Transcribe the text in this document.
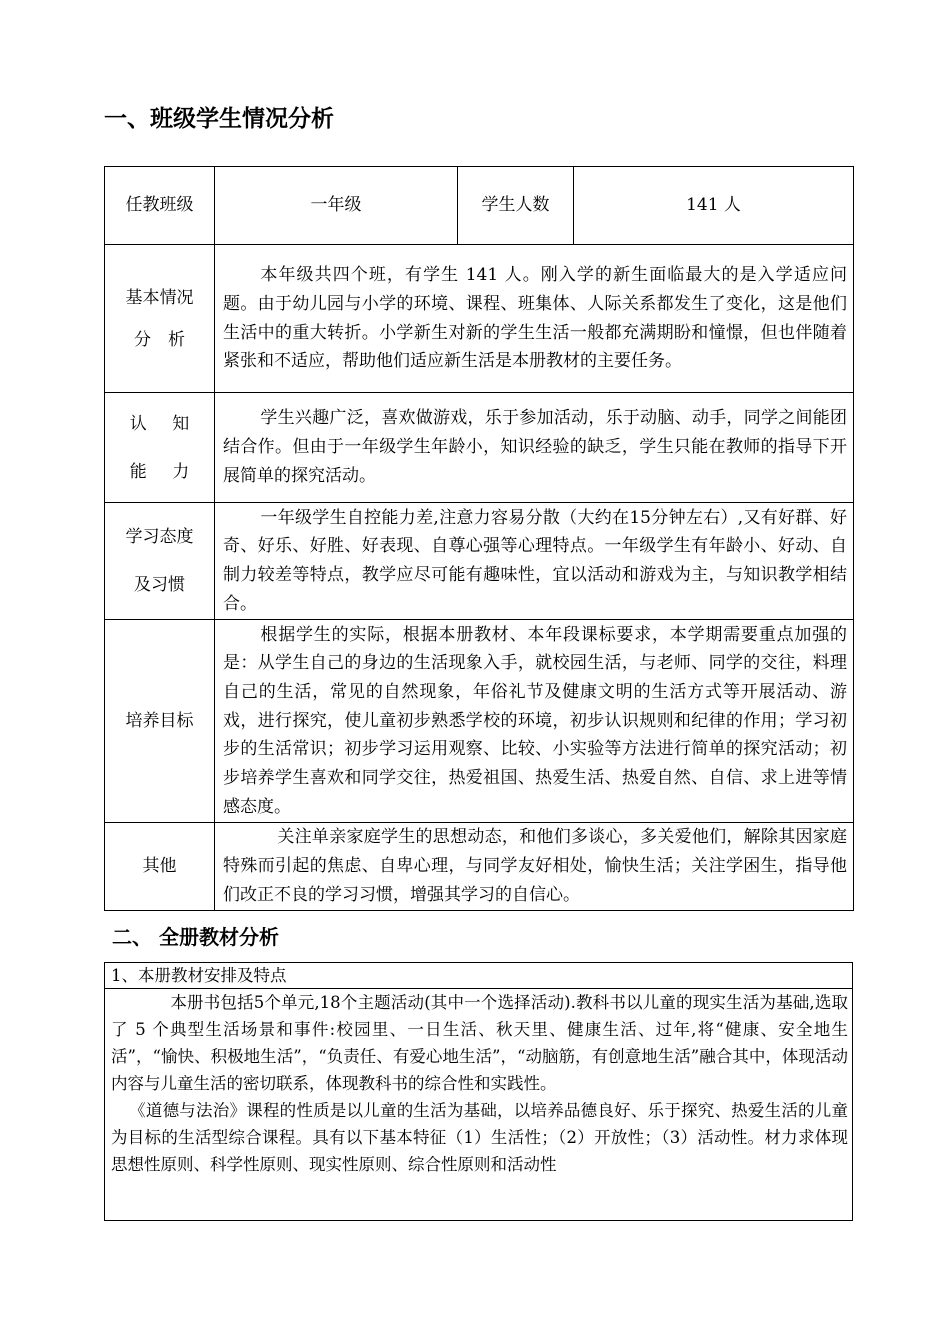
一、班级学生情况分析
任教班级	一年级	学生人数	141 人

基本情况
分　析	本年级共四个班，有学生 141 人。刚入学的新生面临最大的是入学适应问题。由于幼儿园与小学的环境、课程、班集体、人际关系都发生了变化，这是他们生活中的重大转折。小学新生对新的学生生活一般都充满期盼和憧憬，但也伴随着紧张和不适应，帮助他们适应新生活是本册教材的主要任务。		

认知
能力	学生兴趣广泛，喜欢做游戏，乐于参加活动，乐于动脑、动手，同学之间能团结合作。但由于一年级学生年龄小，知识经验的缺乏，学生只能在教师的指导下开展简单的探究活动。		

学习态度
及习惯	一年级学生自控能力差,注意力容易分散（大约在15分钟左右）,又有好群、好奇、好乐、好胜、好表现、自尊心强等心理特点。一年级学生有年龄小、好动、自制力较差等特点，教学应尽可能有趣味性，宜以活动和游戏为主，与知识教学相结合。		
培养目标	根据学生的实际，根据本册教材、本年段课标要求，本学期需要重点加强的是：从学生自己的身边的生活现象入手，就校园生活，与老师、同学的交往，料理自己的生活，常见的自然现象，年俗礼节及健康文明的生活方式等开展活动、游戏，进行探究，使儿童初步熟悉学校的环境，初步认识规则和纪律的作用；学习初步的生活常识；初步学习运用观察、比较、小实验等方法进行简单的探究活动；初步培养学生喜欢和同学交往，热爱祖国、热爱生活、热爱自然、自信、求上进等情感态度。		
其他	关注单亲家庭学生的思想动态，和他们多谈心，多关爱他们，解除其因家庭特殊而引起的焦虑、自卑心理，与同学友好相处，愉快生活；关注学困生，指导他们改正不良的学习习惯，增强其学习的自信心。		
二、 全册教材分析
1、本册教材安排及特点

本册书包括5个单元,18个主题活动(其中一个选择活动).教科书以儿童的现实生活为基础,选取了 5 个典型生活场景和事件:校园里、一日生活、秋天里、健康生活、过年,将“健康、安全地生活”，“愉快、积极地生活”，“负责任、有爱心地生活”，“动脑筋，有创意地生活”融合其中，体现活动内容与儿童生活的密切联系，体现教科书的综合性和实践性。

《道德与法治》课程的性质是以儿童的生活为基础，以培养品德良好、乐于探究、热爱生活的儿童为目标的生活型综合课程。具有以下基本特征（1）生活性；（2）开放性；（3）活动性。材力求体现思想性原则、科学性原则、现实性原则、综合性原则和活动性
